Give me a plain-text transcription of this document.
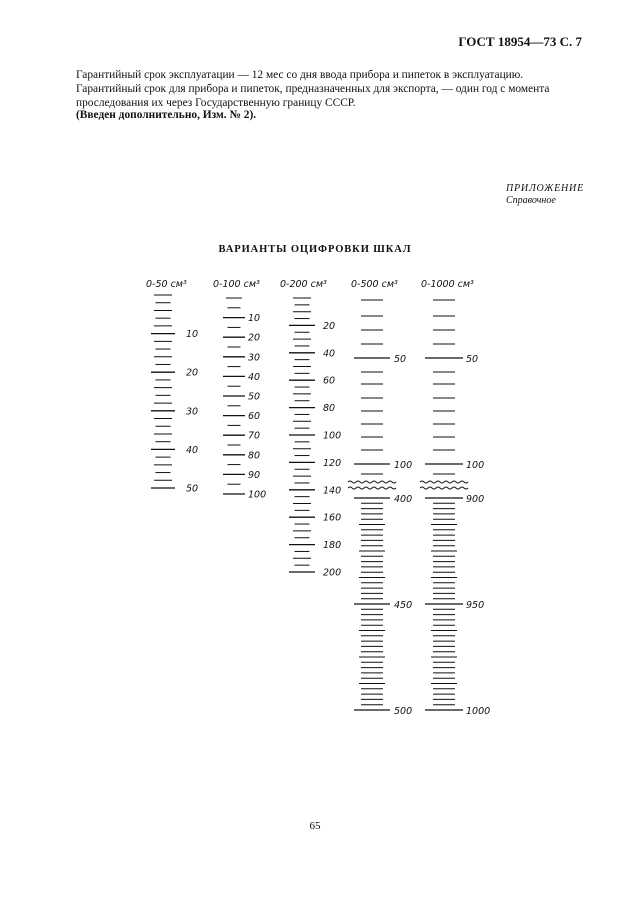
ГОСТ 18954—73 С. 7
Гарантийный срок эксплуатации — 12 мес со дня ввода прибора и пипеток в эксплуатацию.
Гарантийный срок для прибора и пипеток, предназначенных для экспорта, — один год с момента проследования их через Государственную границу СССР.
(Введен дополнительно, Изм. № 2).
ПРИЛОЖЕНИЕ
Справочное
ВАРИАНТЫ ОЦИФРОВКИ ШКАЛ
0-50 см³
10
20
30
40
50
0-100 см³
10
20
30
40
50
60
70
80
90
100
0-200 см³
20
40
60
80
100
120
140
160
180
200
0-500 см³
50
100
400
450
500
0-1000 см³
50
100
900
950
1000
65
